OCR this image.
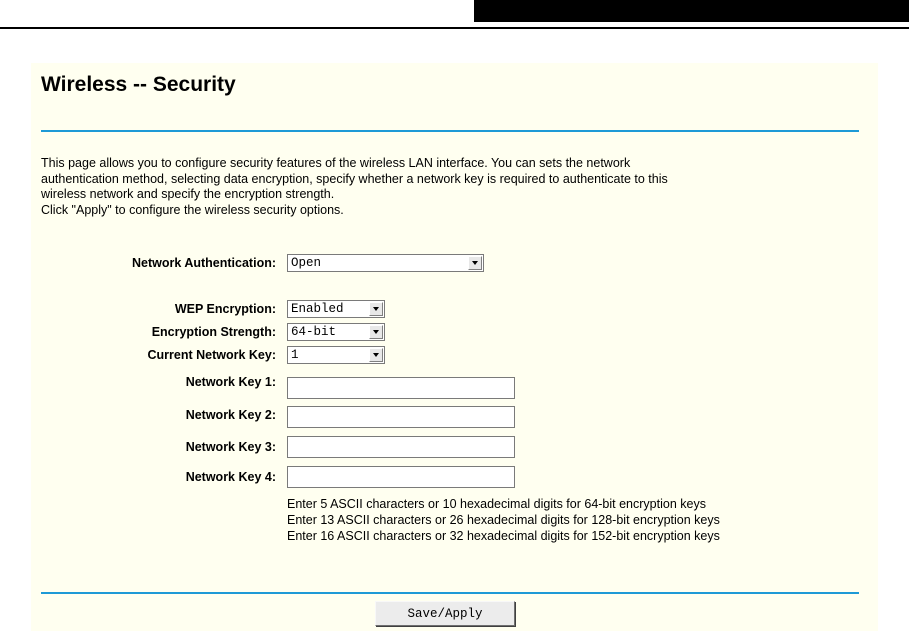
Wireless -- Security

This page allows you to configure security features of the wireless LAN interface. You can sets the network

authentication method, selecting data encryption, specify whether a network key is required to authenticate to this

wireless network and specify the encryption strength.

Click "Apply" to configure the wireless security options.

Network Authentication:	Open
WEP Encryption:	Enabled
Encryption Strength:	64-bit
Current Network Key:	1
Network Key 1:
Network Key 2:
Network Key 3:
Network Key 4:
Enter 5 ASCII characters or 10 hexadecimal digits for 64-bit encryption keys
Enter 13 ASCII characters or 26 hexadecimal digits for 128-bit encryption keys
Enter 16 ASCII characters or 32 hexadecimal digits for 152-bit encryption keys
Save/Apply
